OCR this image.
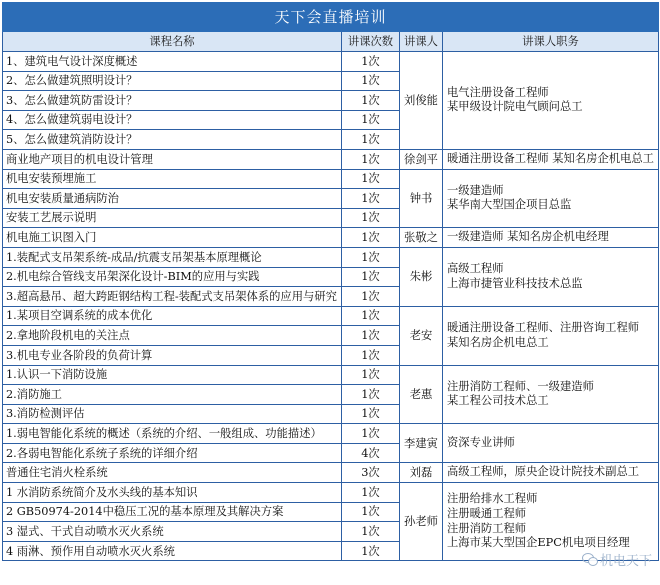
天下会直播培训			
课程名称	讲课次数	讲课人	讲课人职务
1、建筑电气设计深度概述	1次	刘俊能	电气注册设备工程师
某甲级设计院电气顾问总工

2、怎么做建筑照明设计？	1次		
3、怎么做建筑防雷设计？	1次		
4、怎么做建筑弱电设计？	1次		
5、怎么做建筑消防设计？	1次		
商业地产项目的机电设计管理	1次	徐剑平	暖通注册设备工程师 某知名房企机电总工

机电安装预埋施工	1次	钟书	一级建造师
某华南大型国企项目总监

机电安装质量通病防治	1次		
安装工艺展示说明	1次		
机电施工识图入门	1次	张敬之	一级建造师 某知名房企机电经理

1.装配式支吊架系统-成品/抗震支吊架基本原理概论	1次	朱彬	高级工程师
上海市捷管业科技技术总监

2.机电综合管线支吊架深化设计-BIM的应用与实践	1次		
3.超高悬吊、超大跨距钢结构工程-装配式支吊架体系的应用与研究	1次		
1.某项目空调系统的成本优化	1次	老安	暖通注册设备工程师、注册咨询工程师
某知名房企机电总工

2.拿地阶段机电的关注点	1次		
3.机电专业各阶段的负荷计算	1次		
1.认识一下消防设施	1次	老惠	注册消防工程师、一级建造师
某工程公司技术总工

2.消防施工	1次		
3.消防检测评估	1次		
1.弱电智能化系统的概述（系统的介绍、一般组成、功能描述）	1次	李建寅	资深专业讲师

2.各弱电智能化系统子系统的详细介绍	4次		
普通住宅消火栓系统	3次	刘磊	高级工程师，原央企设计院技术副总工

1 水消防系统简介及水头线的基本知识	1次	孙老师	注册给排水工程师
注册暖通工程师
注册消防工程师
上海市某大型国企EPC机电项目经理

2 GB50974-2014中稳压工况的基本原理及其解决方案	1次		
3 湿式、干式自动喷水灭火系统	1次		
4 雨淋、预作用自动喷水灭火系统	1次		
机电天下
